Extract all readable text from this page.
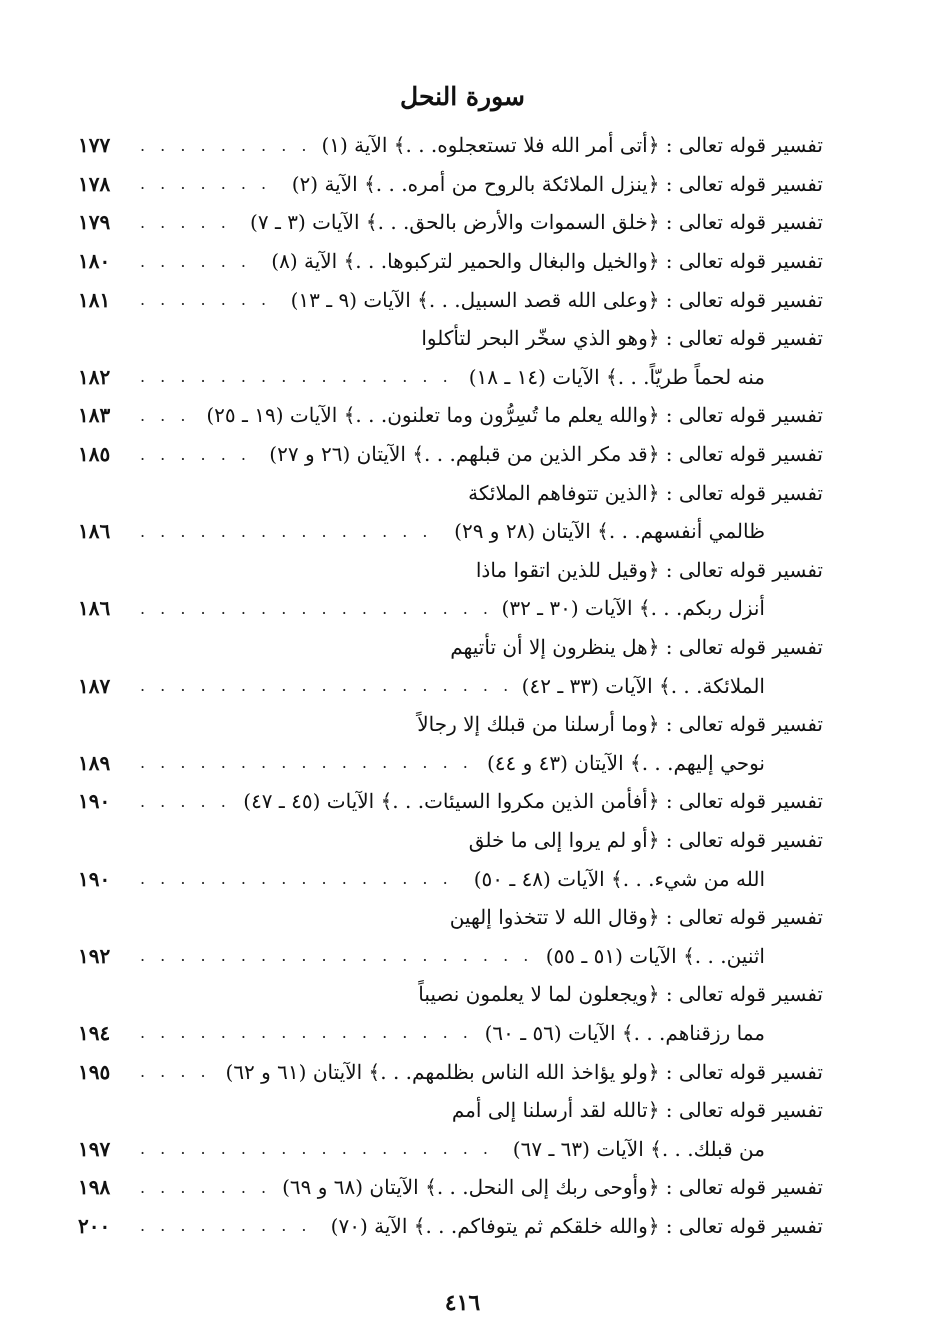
سورة النحل
تفسير قوله تعالى : ﴿أتى أمر الله فلا تستعجلوه. . .﴾ الآية (١)
. . .
١٧٧
تفسير قوله تعالى : ﴿ينزل الملائكة بالروح من أمره. . .﴾ الآية (٢)
. . .
١٧٨
تفسير قوله تعالى : ﴿خلق السموات والأرض بالحق. . .﴾ الآيات (٣ ـ ٧)
. . .
١٧٩
تفسير قوله تعالى : ﴿والخيل والبغال والحمير لتركبوها. . .﴾ الآية (٨)
. . .
١٨٠
تفسير قوله تعالى : ﴿وعلى الله قصد السبيل. . .﴾ الآيات (٩ ـ ١٣)
. . .
١٨١
تفسير قوله تعالى : ﴿وهو الذي سخّر البحر لتأكلوا
منه لحماً طريّاً. . .﴾ الآيات (١٤ ـ ١٨)
. . .
١٨٢
تفسير قوله تعالى : ﴿والله يعلم ما تُسِرُّون وما تعلنون. . .﴾ الآيات (١٩ ـ ٢٥)
. . .
١٨٣
تفسير قوله تعالى : ﴿قد مكر الذين من قبلهم. . .﴾ الآيتان (٢٦ و ٢٧)
. . .
١٨٥
تفسير قوله تعالى : ﴿الذين تتوفاهم الملائكة
ظالمي أنفسهم. . .﴾ الآيتان (٢٨ و ٢٩)
. . .
١٨٦
تفسير قوله تعالى : ﴿وقيل للذين اتقوا ماذا
أنزل ربكم. . .﴾ الآيات (٣٠ ـ ٣٢)
. . .
١٨٦
تفسير قوله تعالى : ﴿هل ينظرون إلا أن تأتيهم
الملائكة. . .﴾ الآيات (٣٣ ـ ٤٢)
. . .
١٨٧
تفسير قوله تعالى : ﴿وما أرسلنا من قبلك إلا رجالاً
نوحي إليهم. . .﴾ الآيتان (٤٣ و ٤٤)
. . .
١٨٩
تفسير قوله تعالى : ﴿أفأمن الذين مكروا السيئات. . .﴾ الآيات (٤٥ ـ ٤٧)
. . .
١٩٠
تفسير قوله تعالى : ﴿أو لم يروا إلى ما خلق
الله من شيء. . .﴾ الآيات (٤٨ ـ ٥٠)
. . .
١٩٠
تفسير قوله تعالى : ﴿وقال الله لا تتخذوا إلهين
اثنين. . .﴾ الآيات (٥١ ـ ٥٥)
. . .
١٩٢
تفسير قوله تعالى : ﴿ويجعلون لما لا يعلمون نصيباً
مما رزقناهم. . .﴾ الآيات (٥٦ ـ ٦٠)
. . .
١٩٤
تفسير قوله تعالى : ﴿ولو يؤاخذ الله الناس بظلمهم. . .﴾ الآيتان (٦١ و ٦٢)
. . .
١٩٥
تفسير قوله تعالى : ﴿تالله لقد أرسلنا إلى أمم
من قبلك. . .﴾ الآيات (٦٣ ـ ٦٧)
. . .
١٩٧
تفسير قوله تعالى : ﴿وأوحى ربك إلى النحل. . .﴾ الآيتان (٦٨ و ٦٩)
. . .
١٩٨
تفسير قوله تعالى : ﴿والله خلقكم ثم يتوفاكم. . .﴾ الآية (٧٠)
. . .
٢٠٠
٤١٦
